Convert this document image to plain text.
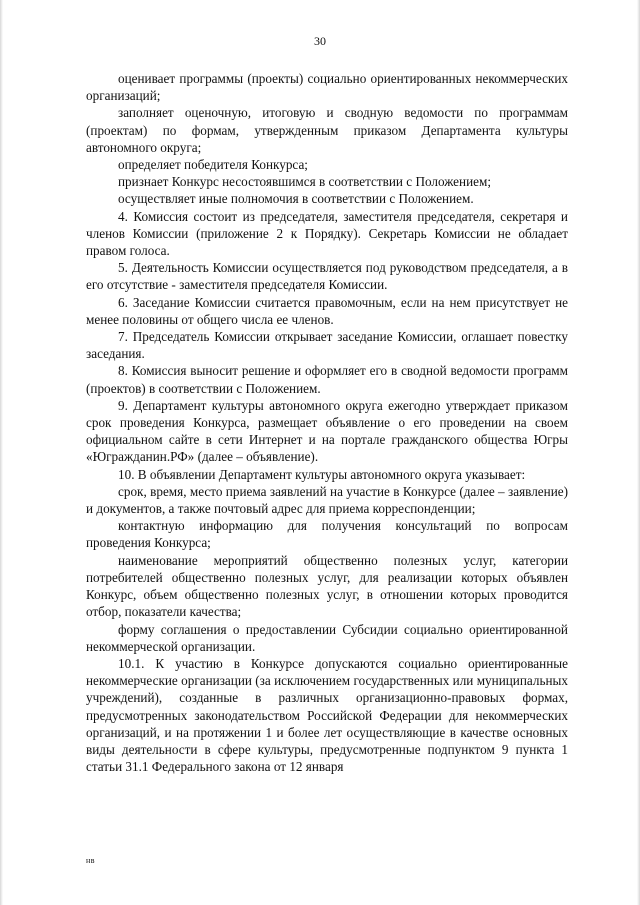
30

оценивает программы (проекты) социально ориентированных некоммерческих организаций;

заполняет оценочную, итоговую и сводную ведомости по программам (проектам) по формам, утвержденным приказом Департамента культуры автономного округа;

определяет победителя Конкурса;

признает Конкурс несостоявшимся в соответствии с Положением;

осуществляет иные полномочия в соответствии с Положением.

4. Комиссия состоит из председателя, заместителя председателя, секретаря и членов Комиссии (приложение 2 к Порядку). Секретарь Комиссии не обладает правом голоса.

5. Деятельность Комиссии осуществляется под руководством председателя, а в его отсутствие - заместителя председателя Комиссии.

6. Заседание Комиссии считается правомочным, если на нем присутствует не менее половины от общего числа ее членов.

7. Председатель Комиссии открывает заседание Комиссии, оглашает повестку заседания.

8. Комиссия выносит решение и оформляет его в сводной ведомости программ (проектов) в соответствии с Положением.

9. Департамент культуры автономного округа ежегодно утверждает приказом срок проведения Конкурса, размещает объявление о его проведении на своем официальном сайте в сети Интернет и на портале гражданского общества Югры «Югражданин.РФ» (далее – объявление).

10. В объявлении Департамент культуры автономного округа указывает:

срок, время, место приема заявлений на участие в Конкурсе (далее – заявление) и документов, а также почтовый адрес для приема корреспонденции;

контактную информацию для получения консультаций по вопросам проведения Конкурса;

наименование мероприятий общественно полезных услуг, категории потребителей общественно полезных услуг, для реализации которых объявлен Конкурс, объем общественно полезных услуг, в отношении которых проводится отбор, показатели качества;

форму соглашения о предоставлении Субсидии социально ориентированной некоммерческой организации.

10.1. К участию в Конкурсе допускаются социально ориентированные некоммерческие организации (за исключением государственных или муниципальных учреждений), созданные в различных организационно-правовых формах, предусмотренных законодательством Российской Федерации для некоммерческих организаций, и на протяжении 1 и более лет осуществляющие в качестве основных виды деятельности в сфере культуры, предусмотренные подпунктом 9 пункта 1 статьи 31.1 Федерального закона от 12 января

нв
